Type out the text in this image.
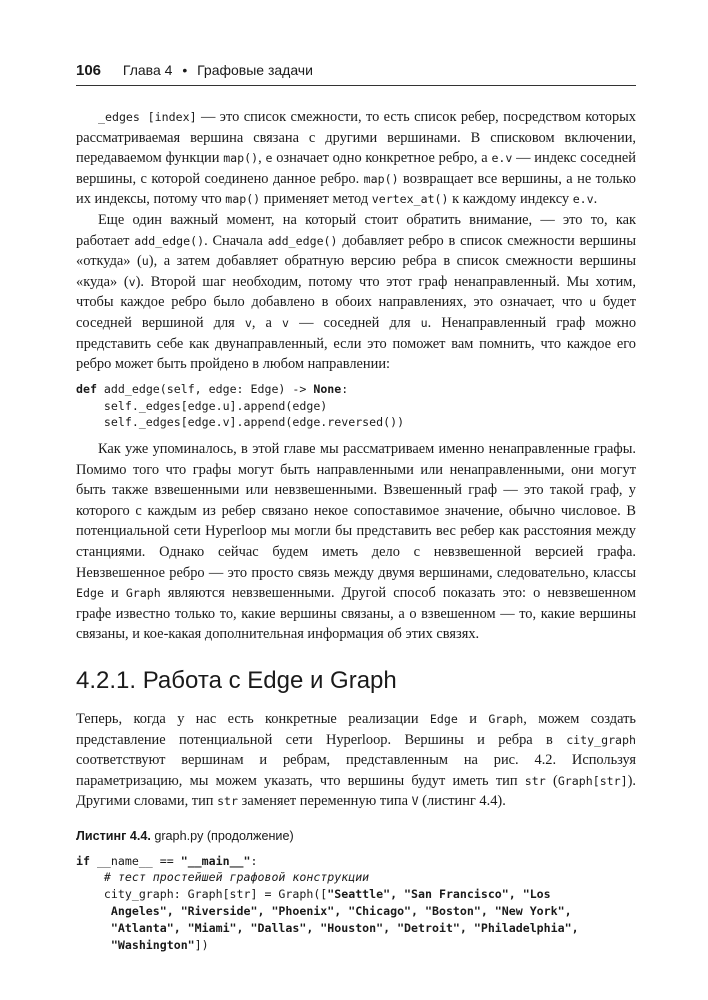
106 Глава 4 • Графовые задачи

_edges [index] — это список смежности, то есть список ребер, посредством которых рассматриваемая вершина связана с другими вершинами. В списковом включении, передаваемом функции map(), e означает одно конкретное ребро, а e.v — индекс соседней вершины, с которой соединено данное ребро. map() возвращает все вершины, а не только их индексы, потому что map() применяет метод vertex_at() к каждому индексу e.v.

Еще один важный момент, на который стоит обратить внимание, — это то, как работает add_edge(). Сначала add_edge() добавляет ребро в список смежности вершины «откуда» (u), а затем добавляет обратную версию ребра в список смежности вершины «куда» (v). Второй шаг необходим, потому что этот граф ненаправленный. Мы хотим, чтобы каждое ребро было добавлено в обоих направлениях, это означает, что u будет соседней вершиной для v, а v — соседней для u. Ненаправленный граф можно представить себе как двунаправленный, если это поможет вам помнить, что каждое его ребро может быть пройдено в любом направлении:

def add_edge(self, edge: Edge) -> None:
self._edges[edge.u].append(edge)
self._edges[edge.v].append(edge.reversed())

Как уже упоминалось, в этой главе мы рассматриваем именно ненаправленные графы. Помимо того что графы могут быть направленными или ненаправленными, они могут быть также взвешенными или невзвешенными. Взвешенный граф — это такой граф, у которого с каждым из ребер связано некое сопоставимое значение, обычно числовое. В потенциальной сети Hyperloop мы могли бы представить вес ребер как расстояния между станциями. Однако сейчас будем иметь дело с невзвешенной версией графа. Невзвешенное ребро — это просто связь между двумя вершинами, следовательно, классы Edge и Graph являются невзвешенными. Другой способ показать это: о невзвешенном графе известно только то, какие вершины связаны, а о взвешенном — то, какие вершины связаны, и кое-какая дополнительная информация об этих связях.

4.2.1. Работа с Edge и Graph

Теперь, когда у нас есть конкретные реализации Edge и Graph, можем создать представление потенциальной сети Hyperloop. Вершины и ребра в city_graph соответствуют вершинам и ребрам, представленным на рис. 4.2. Используя параметризацию, мы можем указать, что вершины будут иметь тип str (Graph[str]). Другими словами, тип str заменяет переменную типа V (листинг 4.4).

Листинг 4.4. graph.py (продолжение)
if __name__ == "__main__":
# тест простейшей графовой конструкции
city_graph: Graph[str] = Graph(["Seattle", "San Francisco", "Los
Angeles", "Riverside", "Phoenix", "Chicago", "Boston", "New York",
"Atlanta", "Miami", "Dallas", "Houston", "Detroit", "Philadelphia",
"Washington"])
